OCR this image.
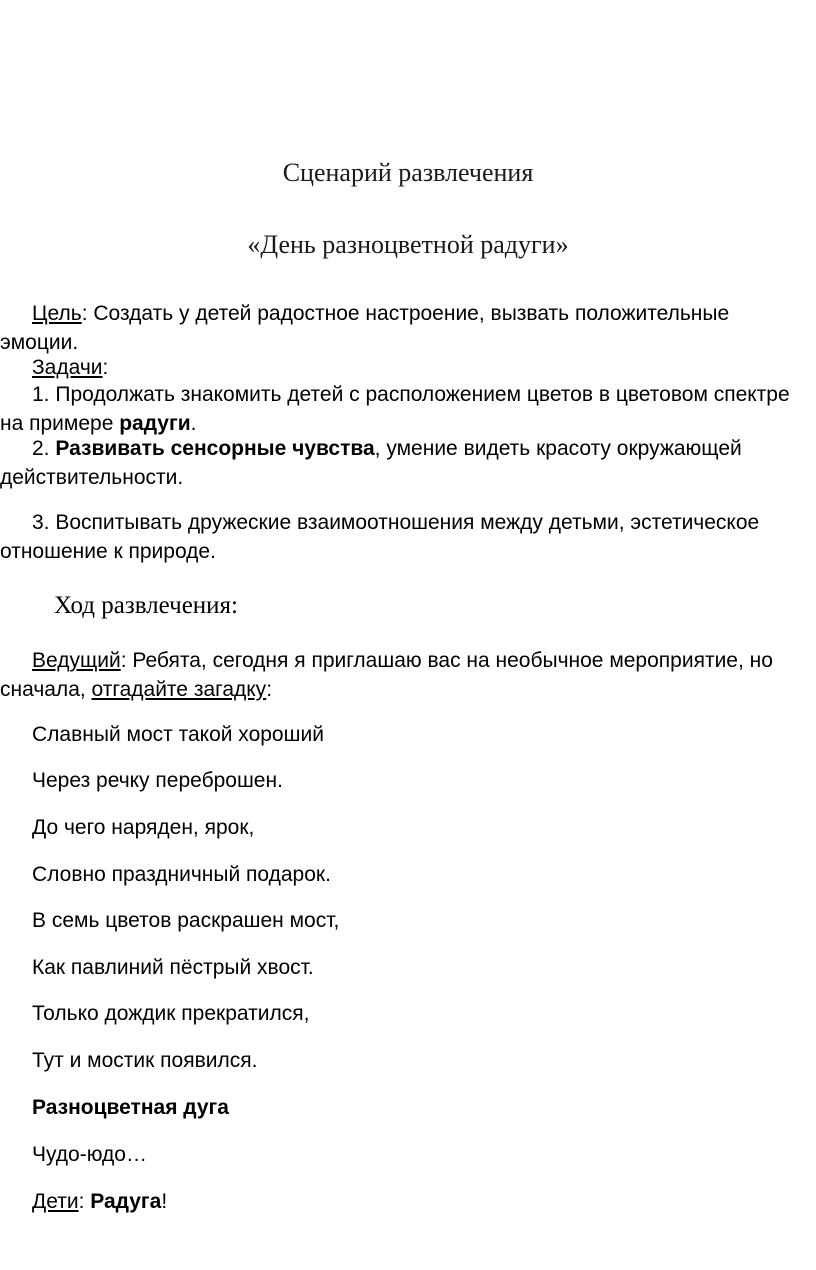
Сценарий развлечения
«День разноцветной радуги»
Цель: Создать у детей радостное настроение, вызвать положительные эмоции.
Задачи:
1. Продолжать знакомить детей с расположением цветов в цветовом спектре на примере радуги.
2. Развивать сенсорные чувства, умение видеть красоту окружающей действительности.
3. Воспитывать дружеские взаимоотношения между детьми, эстетическое отношение к природе.
Ход развлечения:
Ведущий: Ребята, сегодня я приглашаю вас на необычное мероприятие, но сначала, отгадайте загадку:
Славный мост такой хороший
Через речку переброшен.
До чего наряден, ярок,
Словно праздничный подарок.
В семь цветов раскрашен мост,
Как павлиний пёстрый хвост.
Только дождик прекратился,
Тут и мостик появился.
Разноцветная дуга
Чудо-юдо…
Дети: Радуга!
